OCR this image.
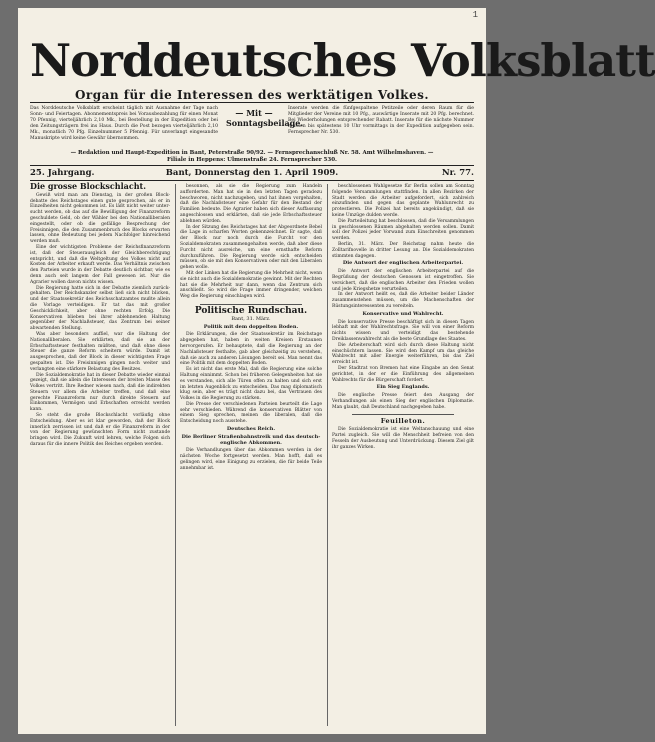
1
Norddeutsches Volksblatt
Organ für die Interessen des werktätigen Volkes.
Das Norddeutsche Volksblatt erscheint täglich mit Ausnahme der Tage nach Sonn- und Feiertagen. Abonnementspreis bei Vorausbezahlung für einen Monat 70 Pfennig, vierteljährlich 2,10 Mk., bei Bestellung in der Expedition oder bei den Zeitungsträgern frei ins Haus. Durch die Post bezogen vierteljährlich 2,10 Mk., monatlich 70 Pfg. Einzelnummer 5 Pfennig. Für unverlangt eingesandte Manuskripte wird keine Gewähr übernommen.
— Mit — Sonntagsbeilage.
Inserate werden die fünfgespaltene Petitzeile oder deren Raum für die Mitglieder der Vereine mit 10 Pfg., auswärtige Inserate mit 20 Pfg. berechnet. Bei Wiederholungen entsprechender Rabatt. Inserate für die nächste Nummer müssen bis spätestens 10 Uhr vormittags in der Expedition aufgegeben sein. Fernsprecher Nr. 530.
— Redaktion und Haupt-Expedition in Bant, Peterstraße 90/92. — Fernsprechanschluß Nr. 58. Amt Wilhelmshaven. —
Filiale in Heppens: Ulmenstraße 24. Fernsprecher 530.
Bant, Donnerstag den 1. April 1909.
25. Jahrgang.	Nr. 77.
Die grosse Blockschlacht.

Gewiß wird man am Dienstag, in der großen Block- debatte des Reichstages einen gute gesprochen, als er in Einzelheiten nicht gekommen ist. Es läßt nicht weiter unter- sucht werden, ob das auf die Bewilligung der Finanzreform geschuldete Geld, ob der Wähler bei den Nationalliberalen eingestellt, oder ob die gefällige Besprechung der Freisinnigen, die den Zusammenbruch des Blocks erwarten lassen, ohne Bedeutung bei jedem Nachfolger hinreichend werden muß.

Eine der wichtigsten Probleme der Reichsfinanzreform ist, daß der Steuerausgleich der Gleichberechtigung entspricht, und daß die Weltgeltung des Volkes nicht auf Kosten der Arbeiter erkauft werde. Das Verhältnis zwischen den Parteien wurde in der Debatte deutlich sichtbar, wie es denn auch seit langem der Fall gewesen ist. Nur die Agrarier wollen davon nichts wissen.

Die Regierung hatte sich in der Debatte ziemlich zurück- gehalten. Der Reichskanzler selbst ließ sich nicht blicken, und der Staatssekretär des Reichsschatzamtes mußte allein die Vorlage verteidigen. Er tat das mit großer Geschicklichkeit, aber ohne rechten Erfolg. Die Konservativen blieben bei ihrer ablehnenden Haltung gegenüber der Nachlaßsteuer, das Zentrum bei seiner abwartenden Stellung.

Was aber besonders auffiel, war die Haltung der Nationalliberalen. Sie erklärten, daß sie an der Erbschaftssteuer festhalten müßten, und daß ohne diese Steuer die ganze Reform scheitern würde. Damit ist ausgesprochen, daß der Block in dieser wichtigsten Frage gespalten ist. Die Freisinnigen gingen noch weiter und verlangten eine stärkere Belastung des Besitzes.

Die Sozialdemokratie hat in dieser Debatte wieder einmal gezeigt, daß sie allein die Interessen der breiten Masse des Volkes vertritt. Ihre Redner wiesen nach, daß die indirekten Steuern vor allem die Arbeiter treffen, und daß eine gerechte Finanzreform nur durch direkte Steuern auf Einkommen, Vermögen und Erbschaften erreicht werden kann.

So steht die große Blockschlacht vorläufig ohne Entscheidung. Aber es ist klar geworden, daß der Block innerlich zerrissen ist und daß er die Finanzreform in der von der Regierung gewünschten Form nicht zustande bringen wird. Die Zukunft wird lehren, welche Folgen sich daraus für die innere Politik des Reiches ergeben werden.

besonnen, als sie die Regierung zum Handeln aufforderten. Man hat sie in den letzten Tagen geradezu beschworen, nicht nachzugeben, und hat ihnen vorgehalten, daß die Nachlaßsteuer eine Gefahr für den Bestand der Familien bedeute. Die Agrarier haben sich dieser Auffassung angeschlossen und erklärten, daß sie jede Erbschaftssteuer ablehnen würden.

In der Sitzung des Reichstages hat der Abgeordnete Bebel die Lage in scharfen Worten gekennzeichnet. Er sagte, daß der Block nur noch durch die Furcht vor den Sozialdemokraten zusammengehalten werde, daß aber diese Furcht nicht ausreiche, um eine ernsthafte Reform durchzuführen. Die Regierung werde sich entscheiden müssen, ob sie mit den Konservativen oder mit den Liberalen gehen wolle.

Mit der Linken hat die Regierung die Mehrheit nicht, wenn sie nicht auch die Sozialdemokratie gewinnt. Mit der Rechten hat sie die Mehrheit nur dann, wenn das Zentrum sich anschließt. So wird die Frage immer dringender, welchen Weg die Regierung einschlagen wird.

Politische Rundschau.
Bant, 31. März.
Politik mit dem doppelten Boden.

Die Erklärungen, die der Staatssekretär im Reichstage abgegeben hat, haben in weiten Kreisen Erstaunen hervorgerufen. Er behauptete, daß die Regierung an der Nachlaßsteuer festhalte, gab aber gleichzeitig zu verstehen, daß sie auch zu anderen Lösungen bereit sei. Man nennt das eine Politik mit dem doppelten Boden.

Es ist nicht das erste Mal, daß die Regierung eine solche Haltung einnimmt. Schon bei früheren Gelegenheiten hat sie es verstanden, sich alle Türen offen zu halten und sich erst im letzten Augenblick zu entscheiden. Das mag diplomatisch klug sein, aber es trägt nicht dazu bei, das Vertrauen des Volkes in die Regierung zu stärken.

Die Presse der verschiedenen Parteien beurteilt die Lage sehr verschieden. Während die konservativen Blätter von einem Sieg sprechen, meinen die liberalen, daß die Entscheidung noch ausstehe.

Deutsches Reich.
Die Berliner Straßenbahnstreik und das deutsch-englische Abkommen.

Die Verhandlungen über das Abkommen werden in der nächsten Woche fortgesetzt werden. Man hofft, daß es gelingen wird, eine Einigung zu erzielen, die für beide Teile annehmbar ist.

beschlossenen Wahlgesetze für Berlin sollen am Sonntag folgende Versammlungen stattfinden. In allen Bezirken der Stadt werden die Arbeiter aufgefordert, sich zahlreich einzufinden und gegen das geplante Wahlunrecht zu protestieren. Die Polizei hat bereits angekündigt, daß sie keine Umzüge dulden werde.

Die Parteileitung hat beschlossen, daß die Versammlungen in geschlossenen Räumen abgehalten werden sollen. Damit soll der Polizei jeder Vorwand zum Einschreiten genommen werden.

Berlin, 31. März. Der Reichstag nahm heute die Zolltarifnovelle in dritter Lesung an. Die Sozialdemokraten stimmten dagegen.

Die Antwort der englischen Arbeiterpartei.

Die Antwort der englischen Arbeiterpartei auf die Begrüßung der deutschen Genossen ist eingetroffen. Sie versichert, daß die englischen Arbeiter den Frieden wollen und jede Kriegshetze verurteilen.

In der Antwort heißt es, daß die Arbeiter beider Länder zusammenstehen müssen, um die Machenschaften der Rüstungsinteressenten zu vereiteln.

Konservative und Wahlrecht.

Die konservative Presse beschäftigt sich in diesen Tagen lebhaft mit der Wahlrechtsfrage. Sie will von einer Reform nichts wissen und verteidigt das bestehende Dreiklassenwahlrecht als die beste Grundlage des Staates.

Die Arbeiterschaft wird sich durch diese Haltung nicht einschüchtern lassen. Sie wird den Kampf um das gleiche Wahlrecht mit aller Energie weiterführen, bis das Ziel erreicht ist.

Der Stadtrat von Bremen hat eine Eingabe an den Senat gerichtet, in der er die Einführung des allgemeinen Wahlrechts für die Bürgerschaft fordert.

Ein Sieg Englands.

Die englische Presse feiert den Ausgang der Verhandlungen als einen Sieg der englischen Diplomatie. Man glaubt, daß Deutschland nachgegeben habe.

Feuilleton.

Die Sozialdemokratie ist eine Weltanschauung und eine Partei zugleich. Sie will die Menschheit befreien von den Fesseln der Ausbeutung und Unterdrückung. Diesem Ziel gilt ihr ganzes Wirken.
